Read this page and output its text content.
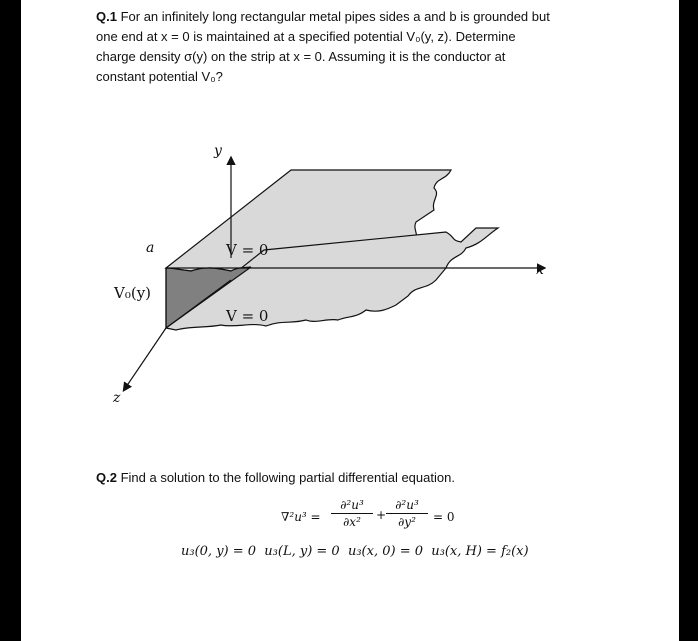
Q.1 For an infinitely long rectangular metal pipes sides a and b is grounded but
one end at x = 0 is maintained at a specified potential V₀(y, z). Determine
charge density σ(y) on the strip at x = 0. Assuming it is the conductor at
constant potential V₀?
y
x
z
a
V₀(y)
V = 0
V = 0
Q.2 Find a solution to the following partial differential equation.
$\nabla^2u^3 = \frac{\text{∂²u³}}{\text{∂x²}} + \frac{\text{∂²u³}}{\text{∂y²}} = 0$
u₃(0, y) = 0  u₃(L, y) = 0  u₃(x, 0) = 0  u₃(x, H) = f₂(x)
